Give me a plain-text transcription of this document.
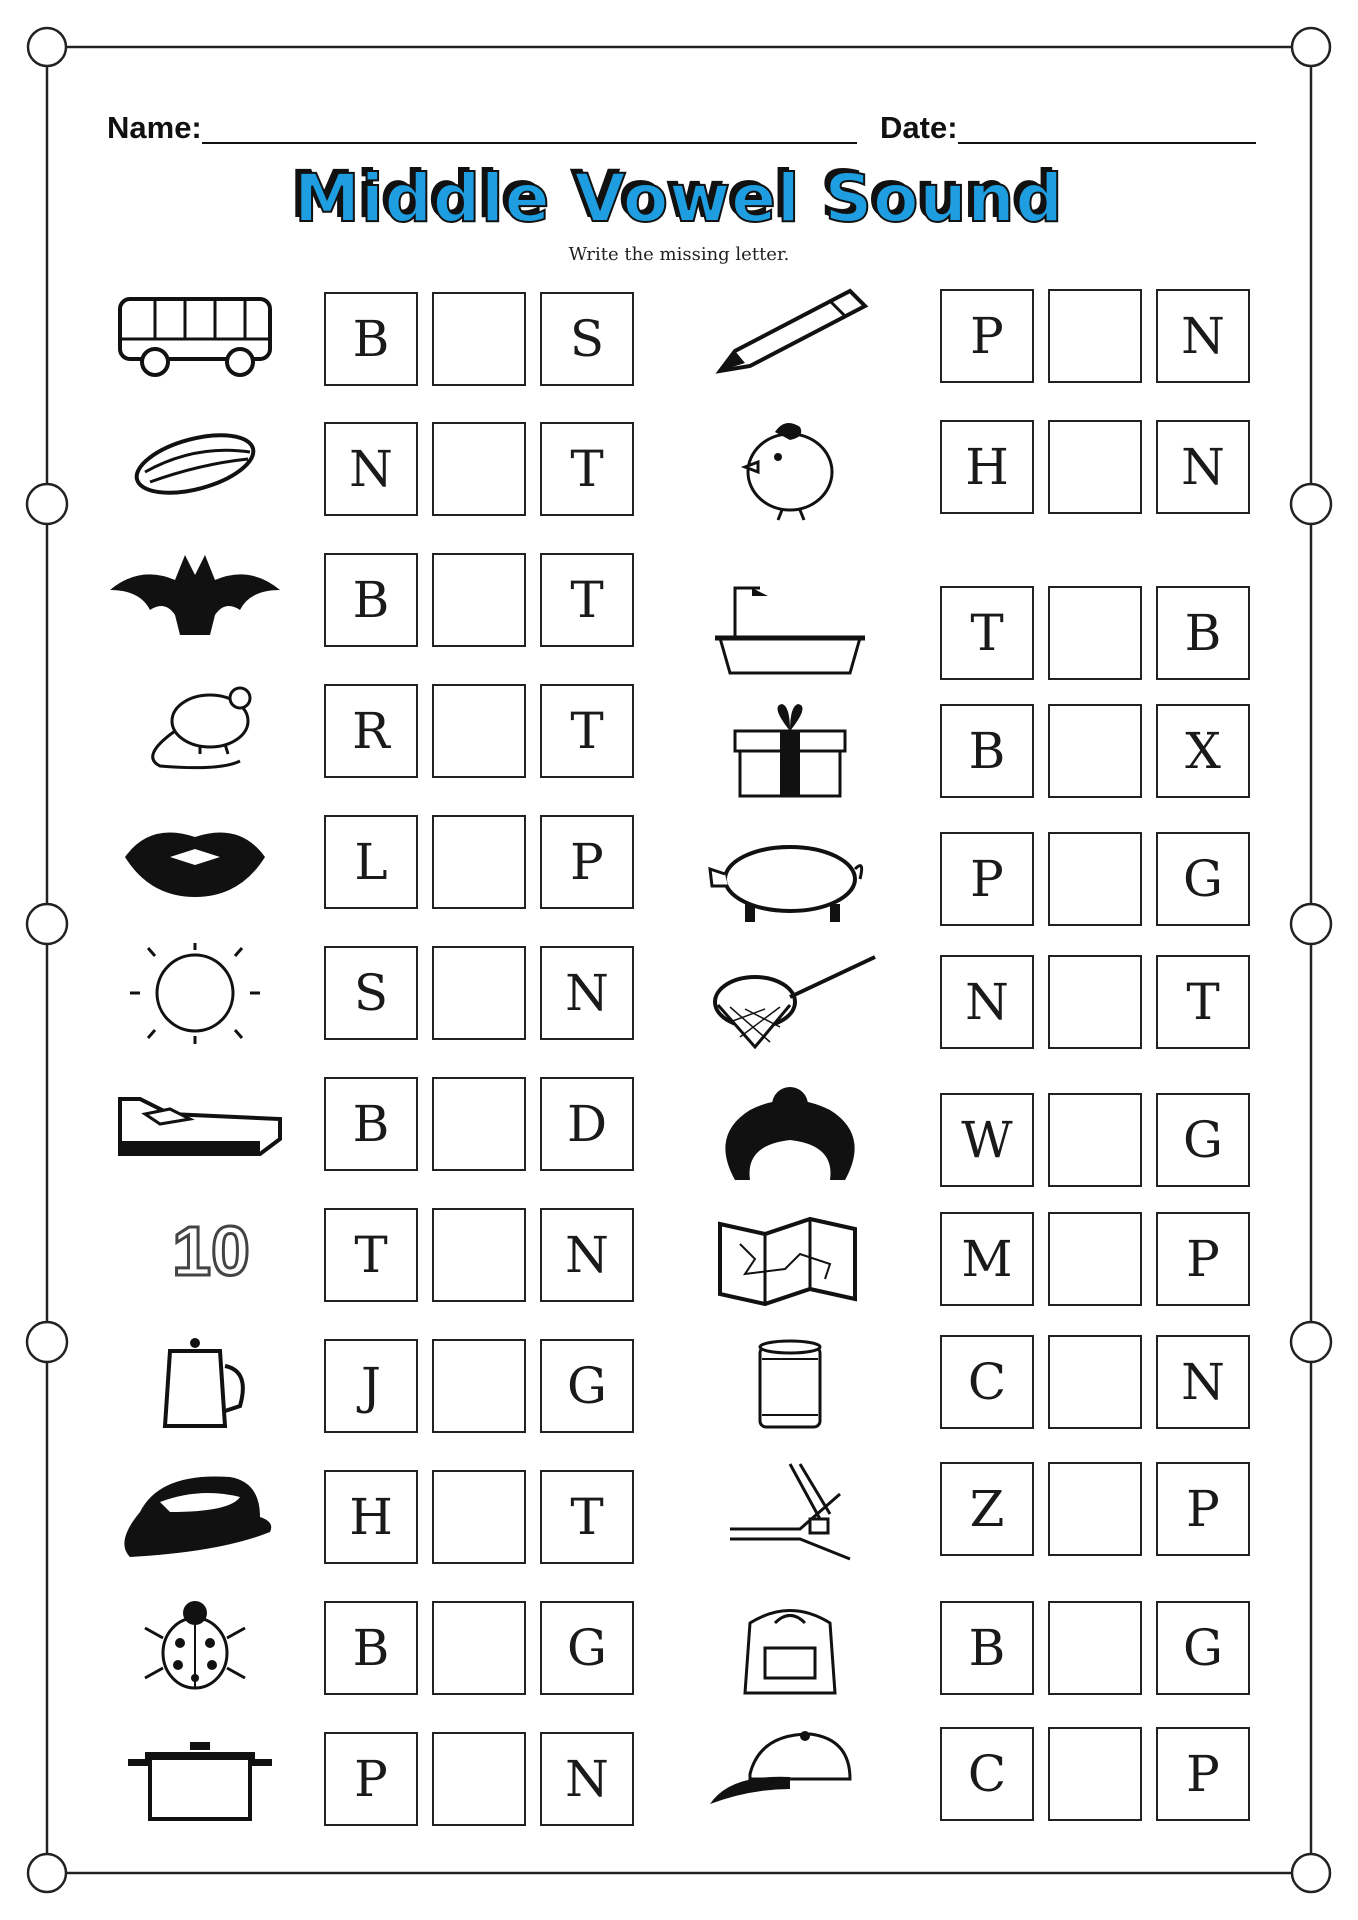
Name:	Date:
Middle Vowel Sound
Write the missing letter.
B	S
N	T
B	T
R	T
L	P
S	N
B	D
10	T	N
J	G
H	T
B	G
P	N
P	N
H	N
T	B
B	X
P	G
N	T
W	G
M	P
C	N
Z	P
B	G
C	P
